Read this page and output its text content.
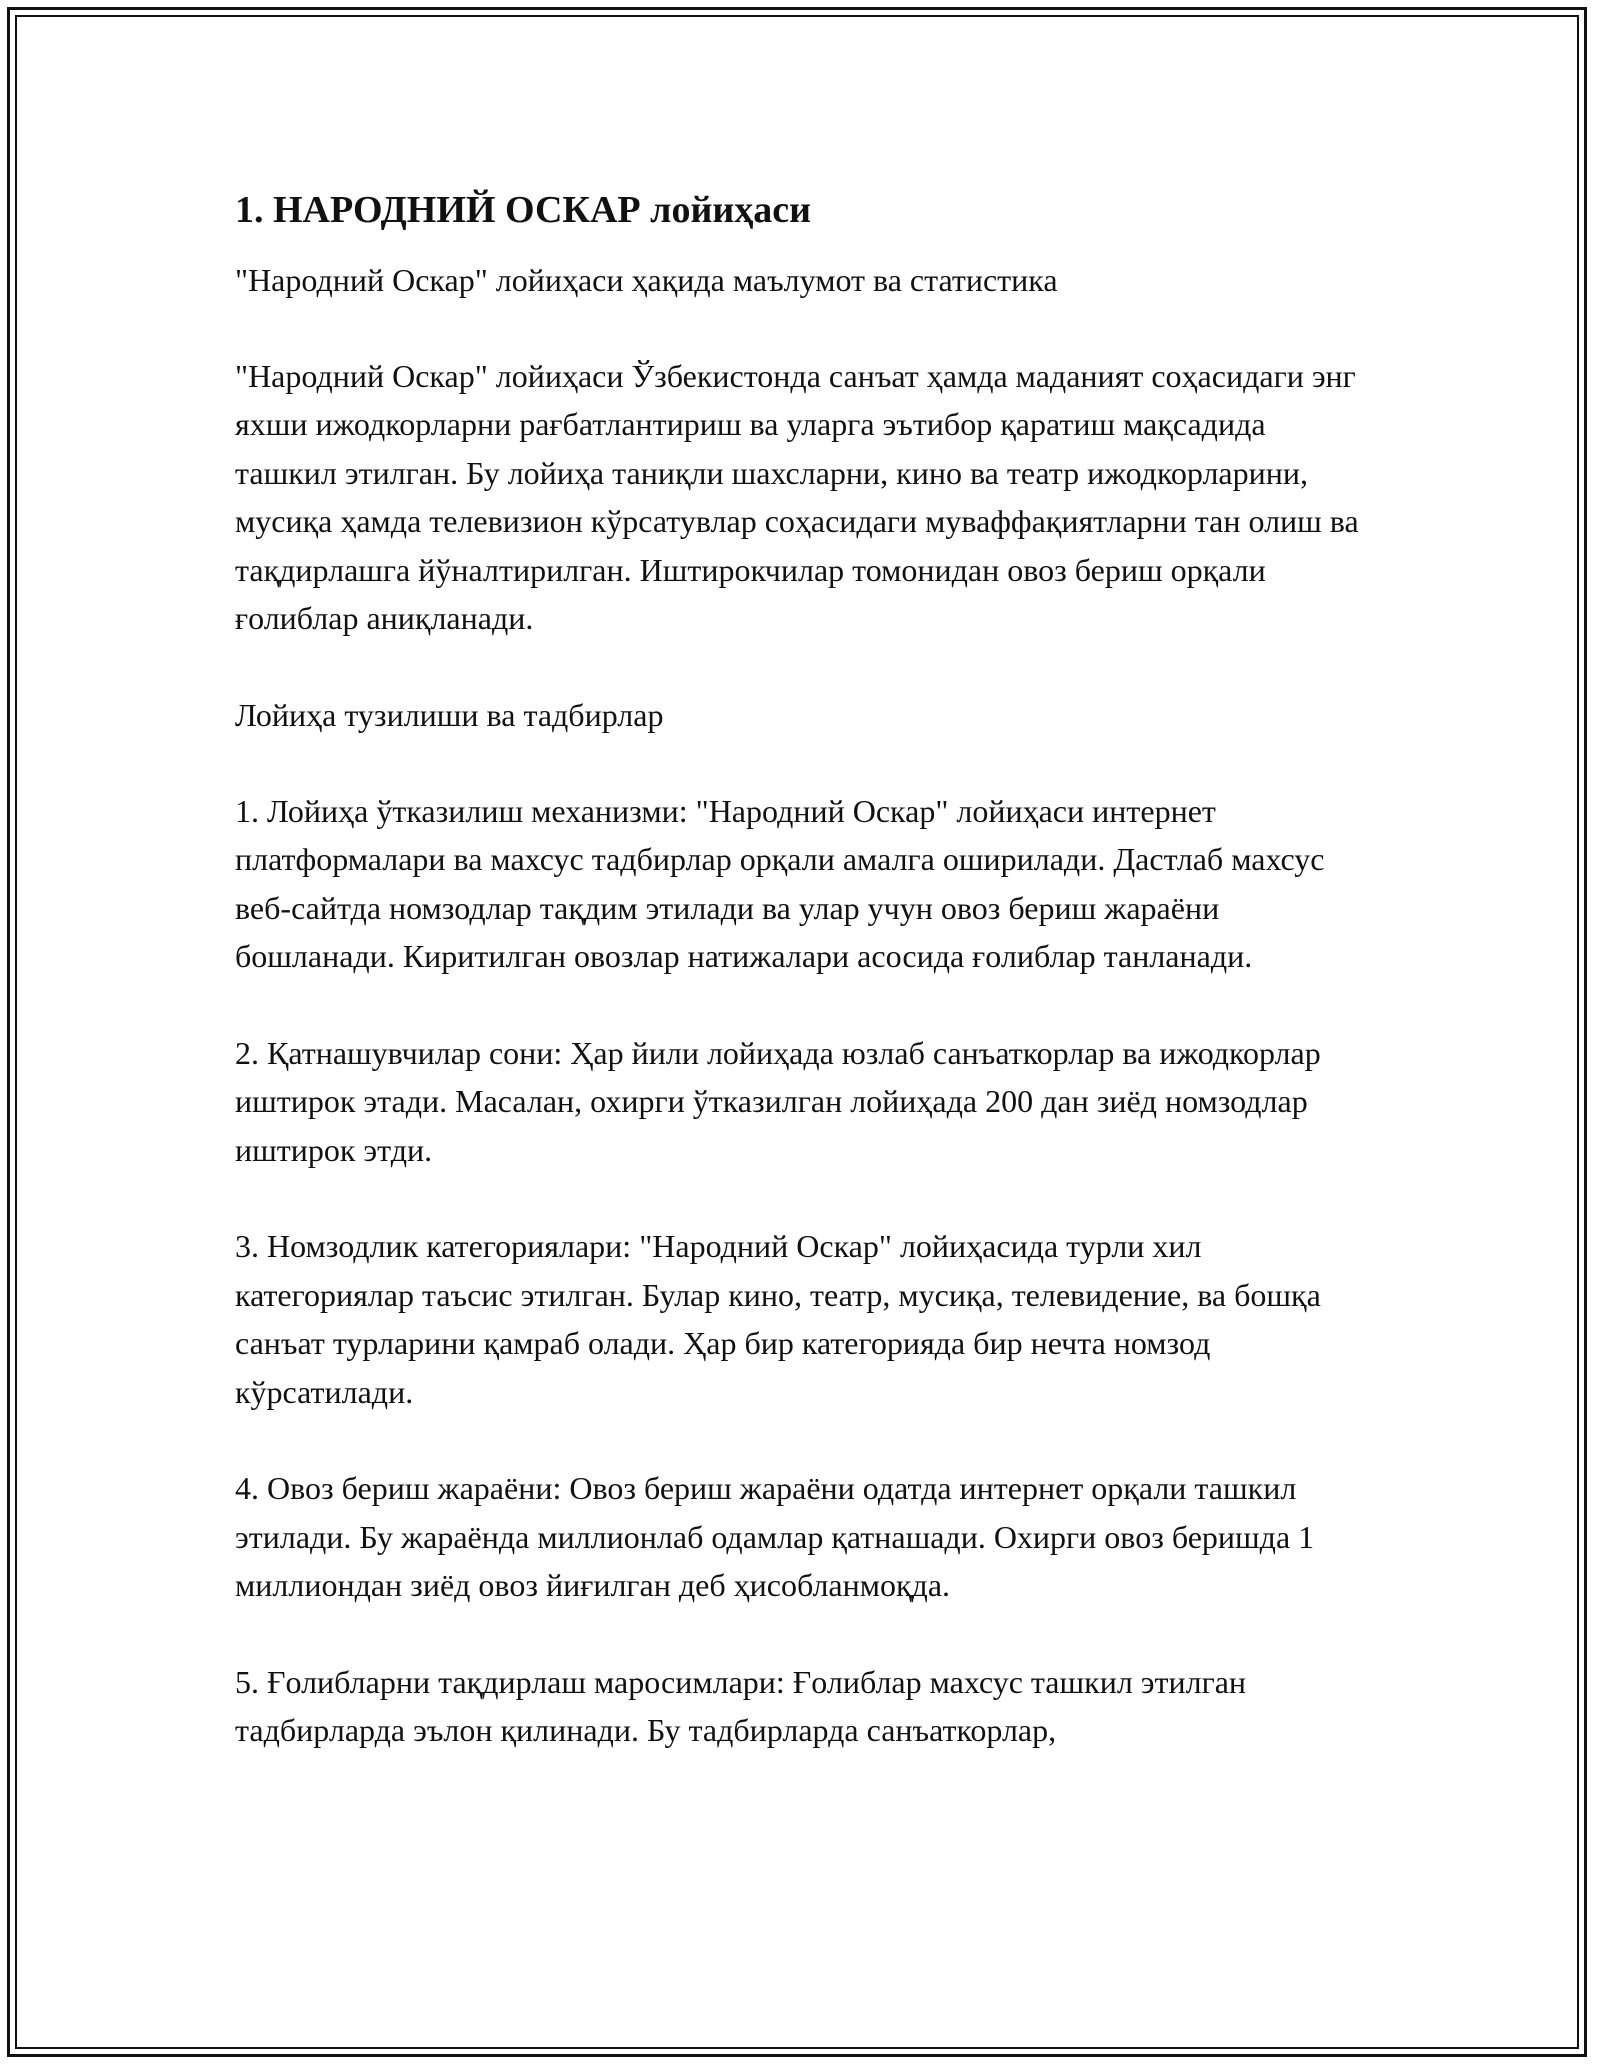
1. НАРОДНИЙ ОСКАР лойиҳаси

"Народний Оскар" лойиҳаси ҳақида маълумот ва статистика

"Народний Оскар" лойиҳаси Ўзбекистонда санъат ҳамда маданият соҳасидаги энг яхши ижодкорларни рағбатлантириш ва уларга эътибор қаратиш мақсадида ташкил этилган. Бу лойиҳа таниқли шахсларни, кино ва театр ижодкорларини, мусиқа ҳамда телевизион кўрсатувлар соҳасидаги муваффақиятларни тан олиш ва тақдирлашга йўналтирилган. Иштирокчилар томонидан овоз бериш орқали ғолиблар аниқланади.

Лойиҳа тузилиши ва тадбирлар

1. Лойиҳа ўтказилиш механизми: "Народний Оскар" лойиҳаси интернет платформалари ва махсус тадбирлар орқали амалга оширилади. Дастлаб махсус веб-сайтда номзодлар тақдим этилади ва улар учун овоз бериш жараёни бошланади. Киритилган овозлар натижалари асосида ғолиблар танланади.

2. Қатнашувчилар сони: Ҳар йили лойиҳада юзлаб санъаткорлар ва ижодкорлар иштирок этади. Масалан, охирги ўтказилган лойиҳада 200 дан зиёд номзодлар иштирок этди.

3. Номзодлик категориялари: "Народний Оскар" лойиҳасида турли хил категориялар таъсис этилган. Булар кино, театр, мусиқа, телевидение, ва бошқа санъат турларини қамраб олади. Ҳар бир категорияда бир нечта номзод кўрсатилади.

4. Овоз бериш жараёни: Овоз бериш жараёни одатда интернет орқали ташкил этилади. Бу жараёнда миллионлаб одамлар қатнашади. Охирги овоз беришда 1 миллиондан зиёд овоз йиғилган деб ҳисобланмоқда.

5. Ғолибларни тақдирлаш маросимлари: Ғолиблар махсус ташкил этилган тадбирларда эълон қилинади. Бу тадбирларда санъаткорлар,
